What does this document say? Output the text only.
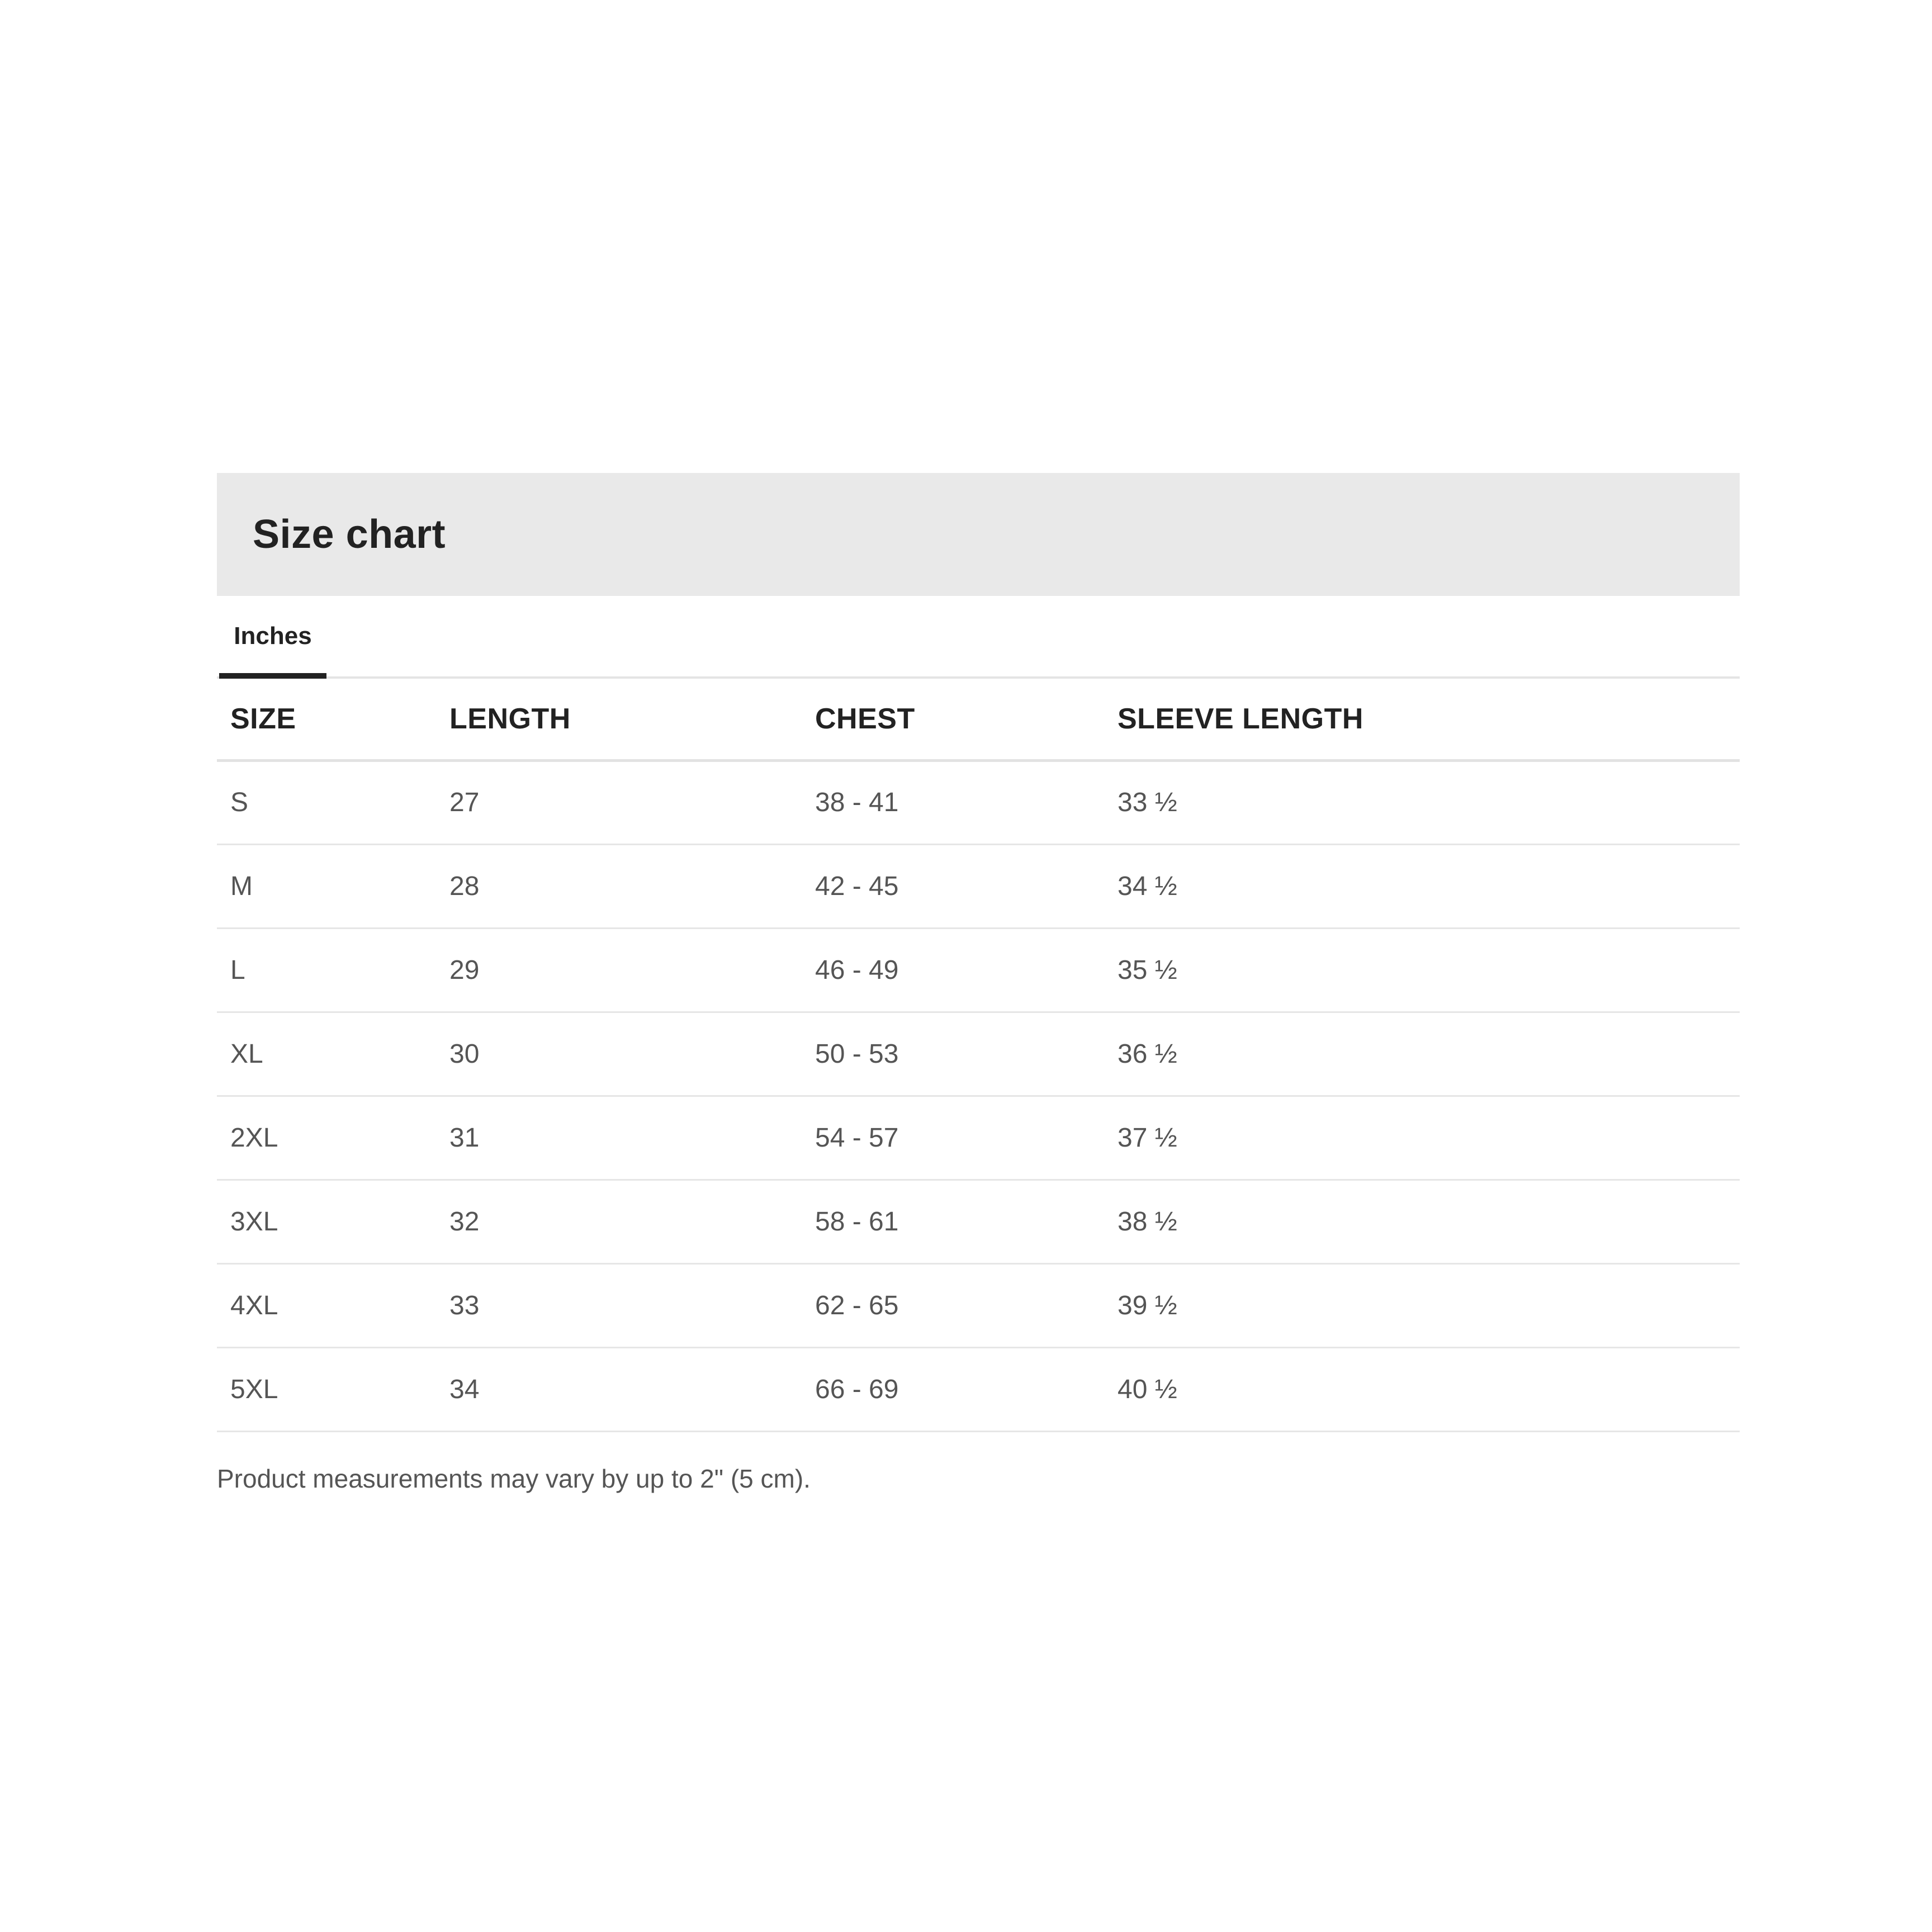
Size chart
Inches
SIZE	LENGTH	CHEST	SLEEVE LENGTH
S	27	38 - 41	33 ½
M	28	42 - 45	34 ½
L	29	46 - 49	35 ½
XL	30	50 - 53	36 ½
2XL	31	54 - 57	37 ½
3XL	32	58 - 61	38 ½
4XL	33	62 - 65	39 ½
5XL	34	66 - 69	40 ½
Product measurements may vary by up to 2" (5 cm).
